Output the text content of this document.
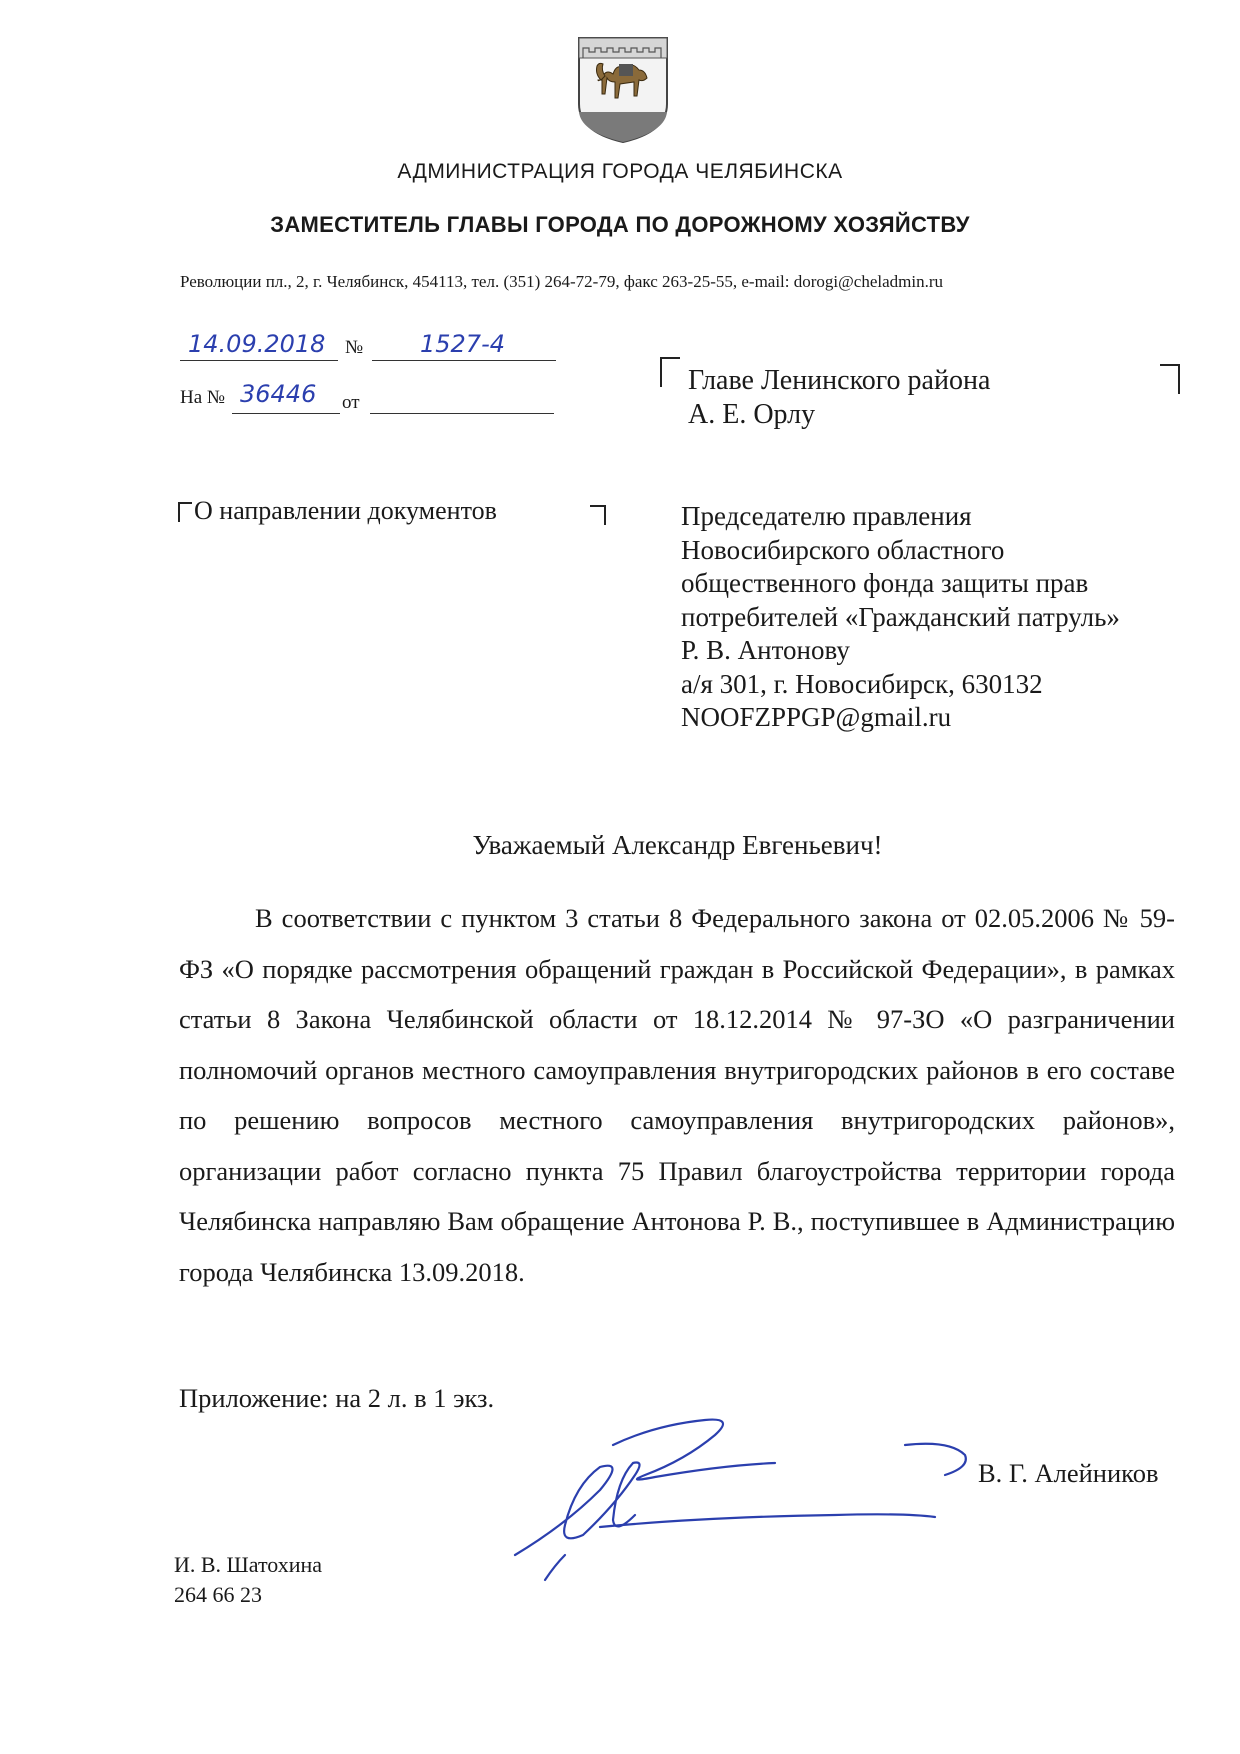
АДМИНИСТРАЦИЯ ГОРОДА ЧЕЛЯБИНСКА
ЗАМЕСТИТЕЛЬ ГЛАВЫ ГОРОДА ПО ДОРОЖНОМУ ХОЗЯЙСТВУ
Революции пл., 2, г. Челябинск, 454113, тел. (351) 264-72-79, факс 263-25-55, e-mail: dorogi@cheladmin.ru
14.09.2018 № 1527-4
На № 36446 от
Главе Ленинского района
А. Е. Орлу
О направлении документов	Председателю правления
Новосибирского областного
общественного фонда защиты прав
потребителей «Гражданский патруль»
Р. В. Антонову
а/я 301, г. Новосибирск, 630132
NOOFZPPGP@gmail.ru
Уважаемый Александр Евгеньевич!
В соответствии с пунктом 3 статьи 8 Федерального закона от 02.05.2006 № 59-ФЗ «О порядке рассмотрения обращений граждан в Российской Федерации», в рамках статьи 8 Закона Челябинской области от 18.12.2014 № 97-ЗО «О разграничении полномочий органов местного самоуправления внутригородских районов в его составе по решению вопросов местного самоуправления внутригородских районов», организации работ согласно пункта 75 Правил благоустройства территории города Челябинска направляю Вам обращение Антонова Р. В., поступившее в Администрацию города Челябинска 13.09.2018.
Приложение: на 2 л. в 1 экз.
В. Г. Алейников
И. В. Шатохина
264 66 23
